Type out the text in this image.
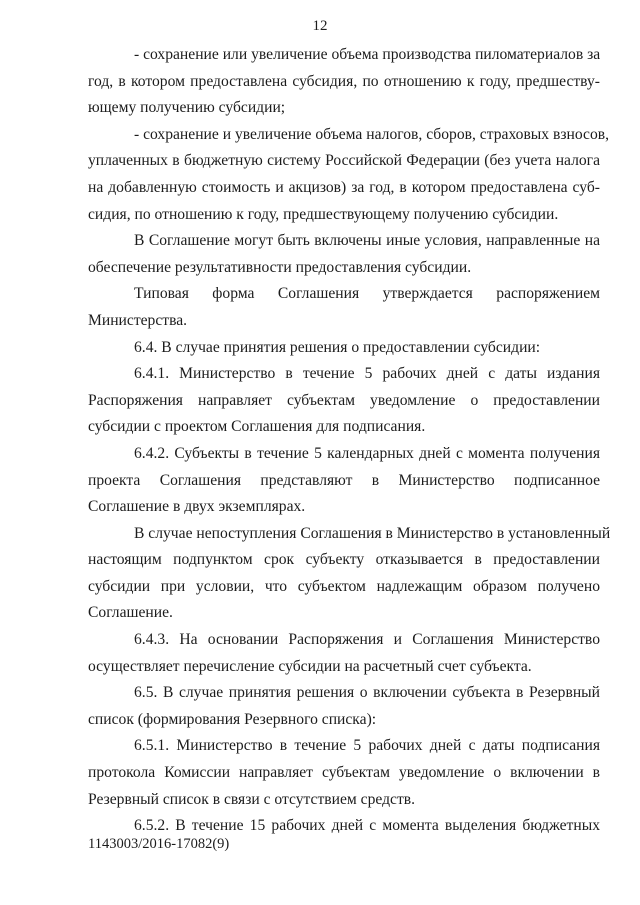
12
- сохранение или увеличение объема производства пиломатериалов за
год, в котором предоставлена субсидия, по отношению к году, предшеству-
ющему получению субсидии;
- сохранение и увеличение объема налогов, сборов, страховых взносов,
уплаченных в бюджетную систему Российской Федерации (без учета налога
на добавленную стоимость и акцизов) за год, в котором предоставлена суб-
сидия, по отношению к году, предшествующему получению субсидии.
В Соглашение могут быть включены иные условия, направленные на
обеспечение результативности предоставления субсидии.
Типовая форма Соглашения утверждается распоряжением
Министерства.
6.4. В случае принятия решения о предоставлении субсидии:
6.4.1. Министерство в течение 5 рабочих дней с даты издания
Распоряжения направляет субъектам уведомление о предоставлении
субсидии с проектом Соглашения для подписания.
6.4.2. Субъекты в течение 5 календарных дней с момента получения
проекта Соглашения представляют в Министерство подписанное
Соглашение в двух экземплярах.
В случае непоступления Соглашения в Министерство в установленный
настоящим подпунктом срок субъекту отказывается в предоставлении
субсидии при условии, что субъектом надлежащим образом получено
Соглашение.
6.4.3. На основании Распоряжения и Соглашения Министерство
осуществляет перечисление субсидии на расчетный счет субъекта.
6.5. В случае принятия решения о включении субъекта в Резервный
список (формирования Резервного списка):
6.5.1. Министерство в течение 5 рабочих дней с даты подписания
протокола Комиссии направляет субъектам уведомление о включении в
Резервный список в связи с отсутствием средств.
6.5.2. В течение 15 рабочих дней с момента выделения бюджетных
1143003/2016-17082(9)
